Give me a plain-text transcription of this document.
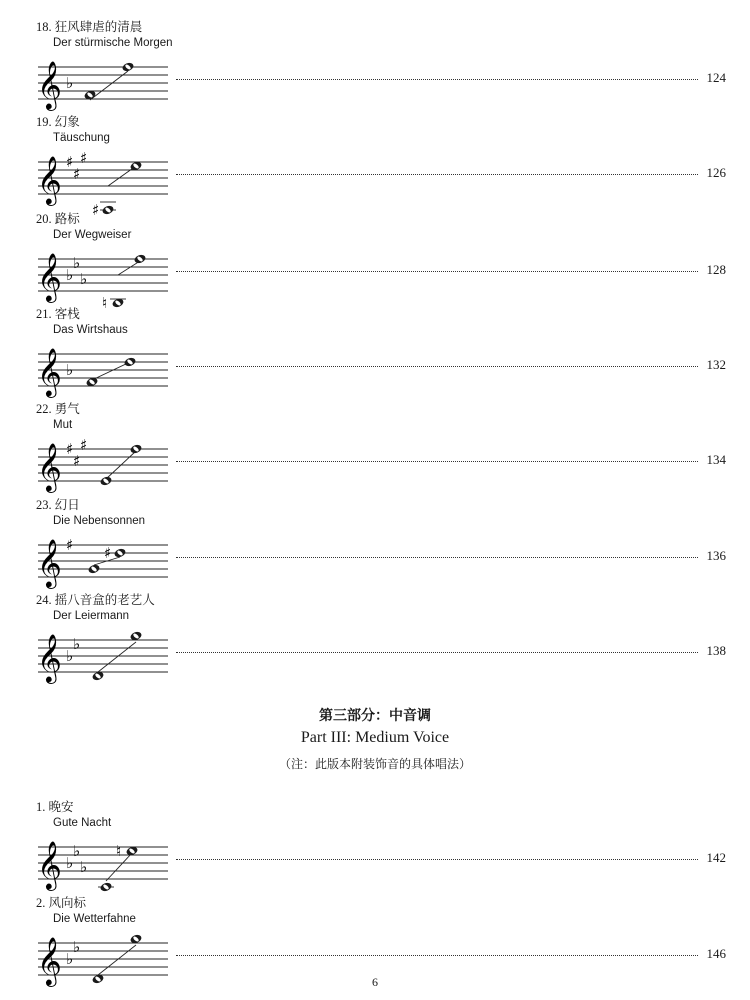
18. 狂风肆虐的清晨
Der stürmische Morgen
𝄞 ♭	124
19. 幻象
Täuschung
𝄞 ♯
♯
♯
♯
126
20. 路标
Der Wegweiser
𝄞 ♭
♭
♭
♮
128
21. 客栈
Das Wirtshaus
𝄞 ♭	132
22. 勇气
Mut
𝄞 ♯
♯
♯
134
23. 幻日
Die Nebensonnen
𝄞 ♯ ♯	136
24. 摇八音盒的老艺人
Der Leiermann
𝄞 ♭
♭	138
第三部分：中音调
Part III: Medium Voice
（注：此版本附装饰音的具体唱法）
1. 晚安
Gute Nacht
𝄞 ♭
♭
♭
♮	142
2. 风向标
Die Wetterfahne
𝄞 ♭
♭	146
6
